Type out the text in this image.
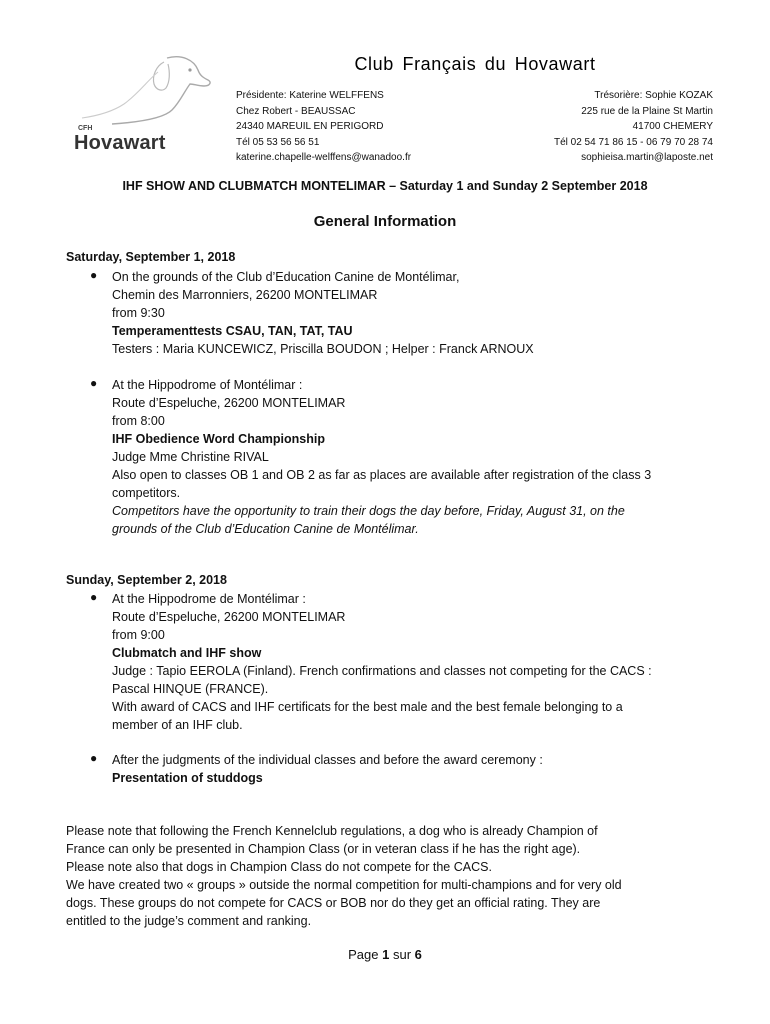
CFH
Hovawart
Club Français du Hovawart
Présidente: Katerine WELFFENS
Chez Robert - BEAUSSAC
24340 MAREUIL EN PERIGORD
Tél 05 53 56 56 51
katerine.chapelle-welffens@wanadoo.fr
Trésorière: Sophie KOZAK
225 rue de la Plaine St Martin
41700 CHEMERY
Tél 02 54 71 86 15 - 06 79 70 28 74
sophieisa.martin@laposte.net
IHF SHOW AND CLUBMATCH MONTELIMAR – Saturday 1 and Sunday 2 September 2018
General Information
Saturday, September 1, 2018
● On the grounds of the Club d’Education Canine de Montélimar,
Chemin des Marronniers, 26200 MONTELIMAR
from 9:30
Temperamenttests CSAU, TAN, TAT, TAU
Testers : Maria KUNCEWICZ, Priscilla BOUDON ; Helper : Franck ARNOUX
● At the Hippodrome of Montélimar :
Route d’Espeluche, 26200 MONTELIMAR
from 8:00
IHF Obedience Word Championship
Judge Mme Christine RIVAL
Also open to classes OB 1 and OB 2 as far as places are available after registration of the class 3
competitors.
Competitors have the opportunity to train their dogs the day before, Friday, August 31, on the
grounds of the Club d’Education Canine de Montélimar.
Sunday, September 2, 2018
● At the Hippodrome de Montélimar :
Route d’Espeluche, 26200 MONTELIMAR
from 9:00
Clubmatch and IHF show
Judge : Tapio EEROLA (Finland). French confirmations and classes not competing for the CACS :
Pascal HINQUE (FRANCE).
With award of CACS and IHF certificats for the best male and the best female belonging to a
member of an IHF club.
● After the judgments of the individual classes and before the award ceremony :
Presentation of studdogs
Please note that following the French Kennelclub regulations, a dog who is already Champion of
France can only be presented in Champion Class (or in veteran class if he has the right age).
Please note also that dogs in Champion Class do not compete for the CACS.
We have created two « groups » outside the normal competition for multi-champions and for very old
dogs. These groups do not compete for CACS or BOB nor do they get an official rating. They are
entitled to the judge’s comment and ranking.
Page 1 sur 6
